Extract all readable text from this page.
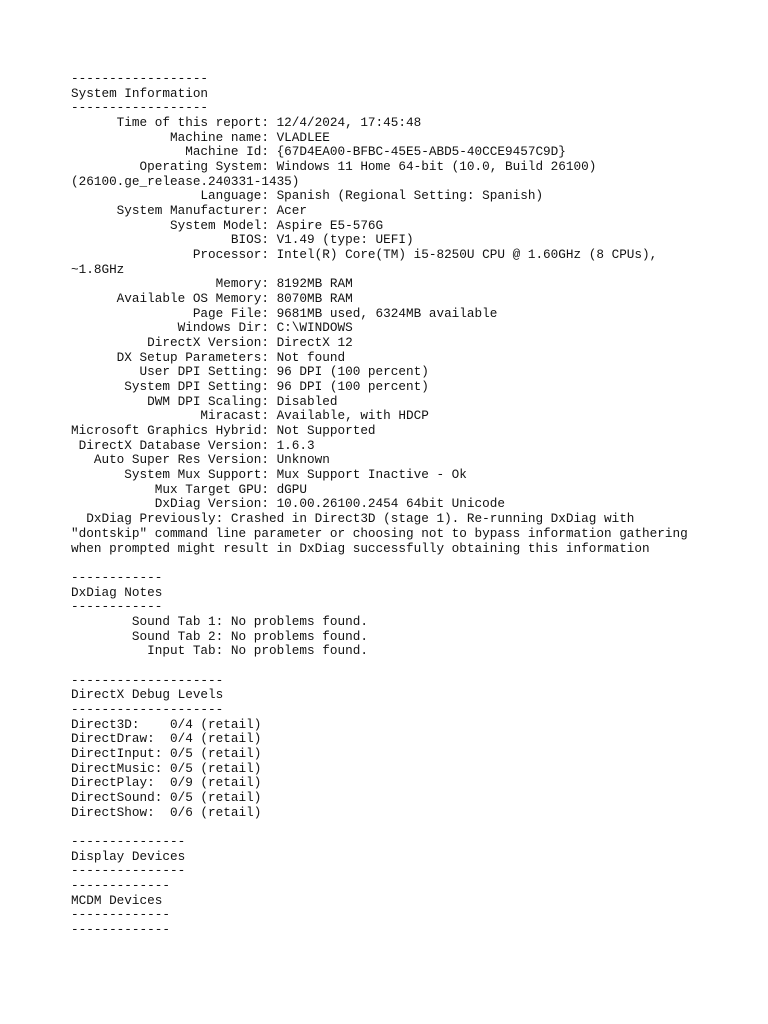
------------------
System Information
------------------
Time of this report: 12/4/2024, 17:45:48
Machine name: VLADLEE
Machine Id: {67D4EA00-BFBC-45E5-ABD5-40CCE9457C9D}
Operating System: Windows 11 Home 64-bit (10.0, Build 26100)
(26100.ge_release.240331-1435)
Language: Spanish (Regional Setting: Spanish)
System Manufacturer: Acer
System Model: Aspire E5-576G
BIOS: V1.49 (type: UEFI)
Processor: Intel(R) Core(TM) i5-8250U CPU @ 1.60GHz (8 CPUs),
~1.8GHz
Memory: 8192MB RAM
Available OS Memory: 8070MB RAM
Page File: 9681MB used, 6324MB available
Windows Dir: C:\WINDOWS
DirectX Version: DirectX 12
DX Setup Parameters: Not found
User DPI Setting: 96 DPI (100 percent)
System DPI Setting: 96 DPI (100 percent)
DWM DPI Scaling: Disabled
Miracast: Available, with HDCP
Microsoft Graphics Hybrid: Not Supported
DirectX Database Version: 1.6.3
Auto Super Res Version: Unknown
System Mux Support: Mux Support Inactive - Ok
Mux Target GPU: dGPU
DxDiag Version: 10.00.26100.2454 64bit Unicode
DxDiag Previously: Crashed in Direct3D (stage 1). Re-running DxDiag with
"dontskip" command line parameter or choosing not to bypass information gathering
when prompted might result in DxDiag successfully obtaining this information
------------
DxDiag Notes
------------
Sound Tab 1: No problems found.
Sound Tab 2: No problems found.
Input Tab: No problems found.
--------------------
DirectX Debug Levels
--------------------
Direct3D:    0/4 (retail)
DirectDraw:  0/4 (retail)
DirectInput: 0/5 (retail)
DirectMusic: 0/5 (retail)
DirectPlay:  0/9 (retail)
DirectSound: 0/5 (retail)
DirectShow:  0/6 (retail)
---------------
Display Devices
---------------
-------------
MCDM Devices
-------------
-------------
